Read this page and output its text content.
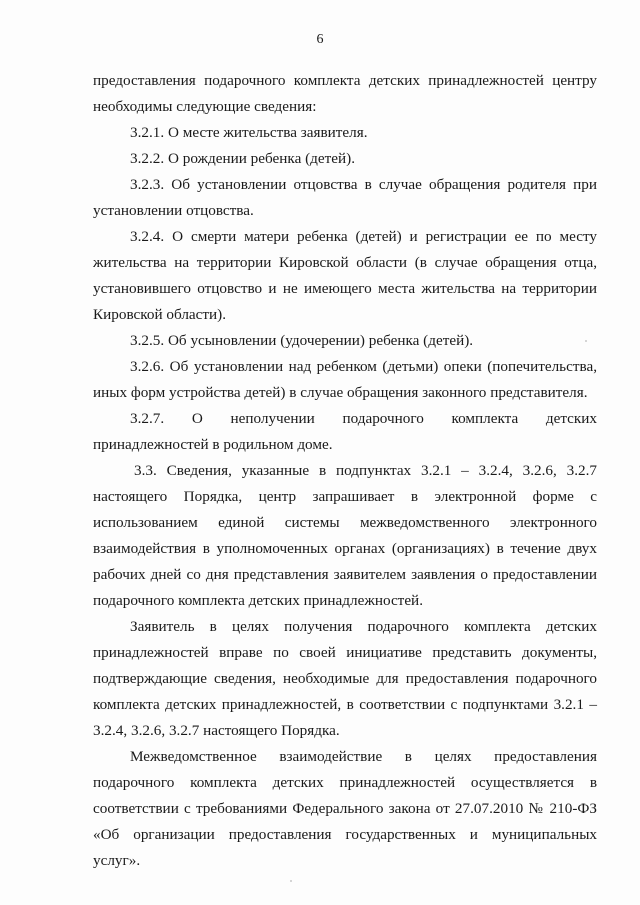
6

предоставления подарочного комплекта детских принадлежностей центру необходимы следующие сведения:

3.2.1. О месте жительства заявителя.

3.2.2. О рождении ребенка (детей).

3.2.3. Об установлении отцовства в случае обращения родителя при установлении отцовства.

3.2.4. О смерти матери ребенка (детей) и регистрации ее по месту жительства на территории Кировской области (в случае обращения отца, установившего отцовство и не имеющего места жительства на территории Кировской области).

3.2.5. Об усыновлении (удочерении) ребенка (детей).

3.2.6. Об установлении над ребенком (детьми) опеки (попечительства, иных форм устройства детей) в случае обращения законного представителя.

3.2.7. О неполучении подарочного комплекта детских принадлежностей в родильном доме.

3.3. Сведения, указанные в подпунктах 3.2.1 – 3.2.4, 3.2.6, 3.2.7 настоящего Порядка, центр запрашивает в электронной форме с использованием единой системы межведомственного электронного взаимодействия в уполномоченных органах (организациях) в течение двух рабочих дней со дня представления заявителем заявления о предоставлении подарочного комплекта детских принадлежностей.

Заявитель в целях получения подарочного комплекта детских принадлежностей вправе по своей инициативе представить документы, подтверждающие сведения, необходимые для предоставления подарочного комплекта детских принадлежностей, в соответствии с подпунктами 3.2.1 – 3.2.4, 3.2.6, 3.2.7 настоящего Порядка.

Межведомственное взаимодействие в целях предоставления подарочного комплекта детских принадлежностей осуществляется в соответствии с требованиями Федерального закона от 27.07.2010 № 210-ФЗ «Об организации предоставления государственных и муниципальных услуг».
